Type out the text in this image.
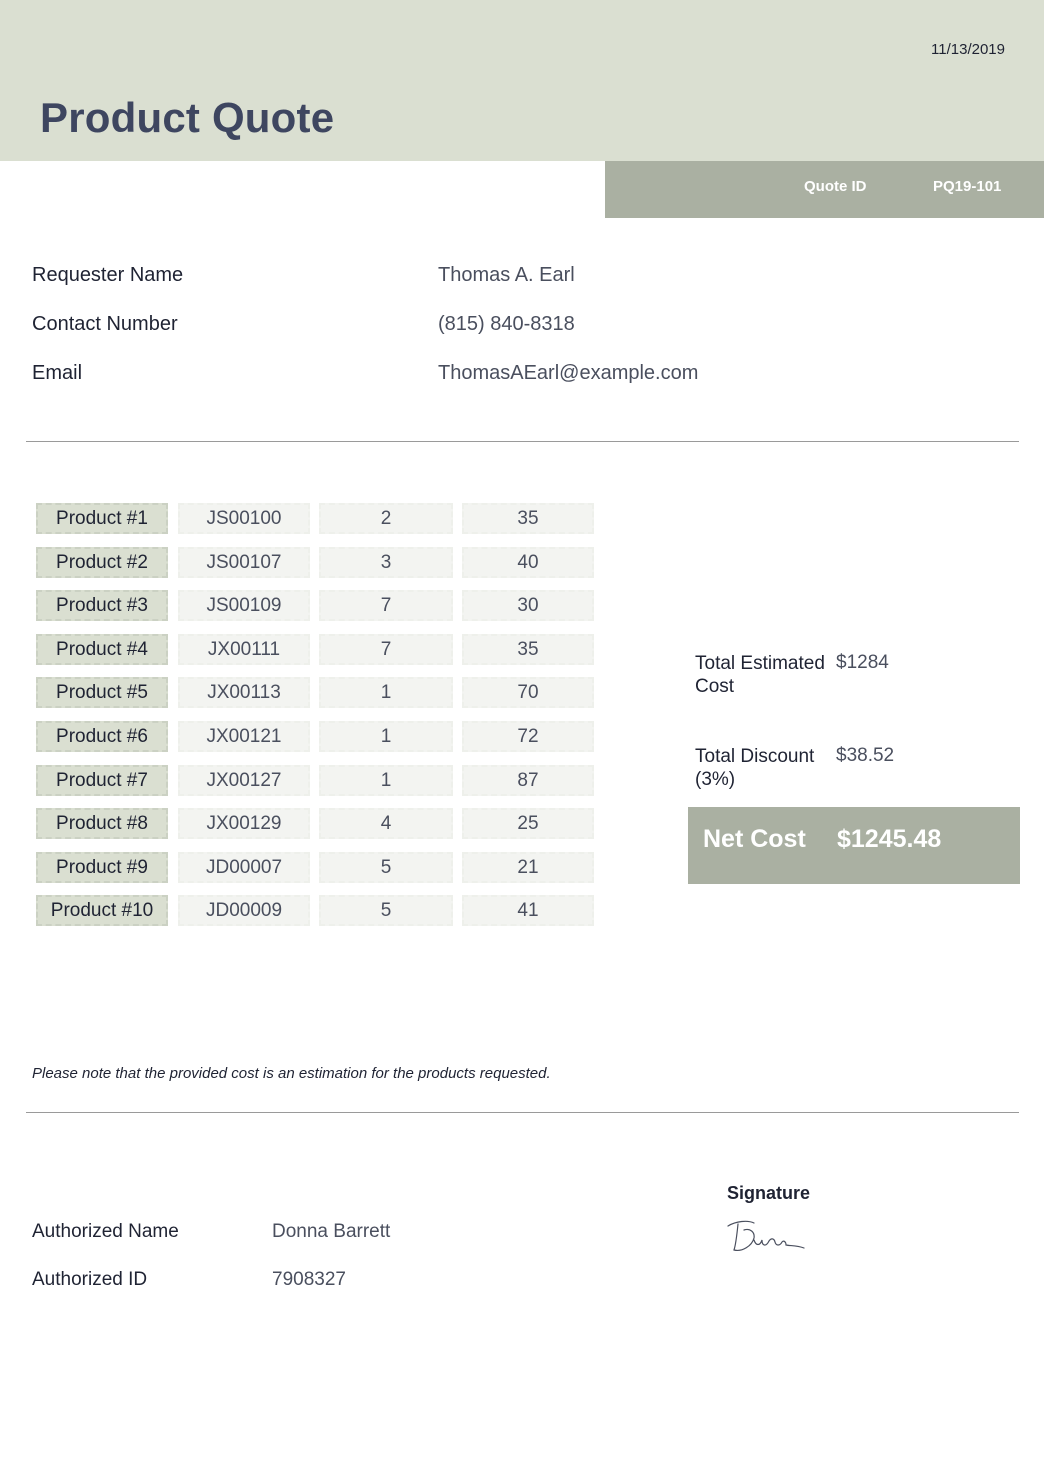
11/13/2019
Product Quote
Quote ID	PQ19-101
Requester Name	Thomas A. Earl
Contact Number	(815) 840-8318
Email	ThomasAEarl@example.com
Product #1	JS00100	2	35
Product #2	JS00107	3	40
Product #3	JS00109	7	30
Product #4	JX00111	7	35
Product #5	JX00113	1	70
Product #6	JX00121	1	72
Product #7	JX00127	1	87
Product #8	JX00129	4	25
Product #9	JD00007	5	21
Product #10	JD00009	5	41
Total Estimated Cost
$1284
Total Discount (3%)
$38.52
Net Cost $1245.48
Please note that the provided cost is an estimation for the products requested.
Authorized Name	Donna Barrett
Authorized ID	7908327
Signature
